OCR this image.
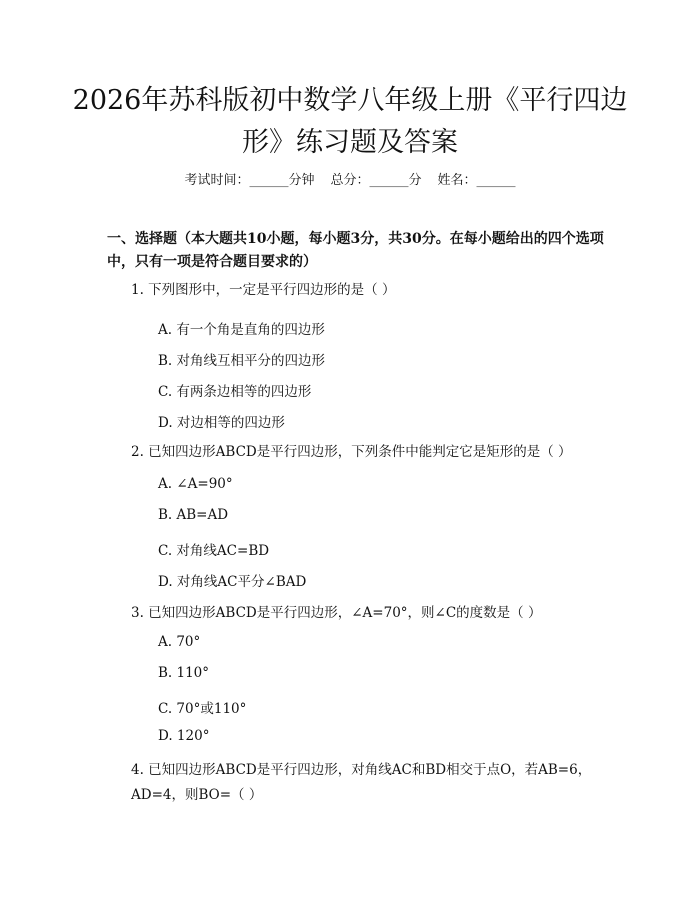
2026年苏科版初中数学八年级上册《平行四边形》练习题及答案
考试时间：______分钟 总分：______分 姓名：______
一、选择题（本大题共10小题，每小题3分，共30分。在每小题给出的四个选项中，只有一项是符合题目要求的）
1. 下列图形中，一定是平行四边形的是（ ）
A. 有一个角是直角的四边形
B. 对角线互相平分的四边形
C. 有两条边相等的四边形
D. 对边相等的四边形
2. 已知四边形ABCD是平行四边形，下列条件中能判定它是矩形的是（ ）
A. ∠A=90°
B. AB=AD
C. 对角线AC=BD
D. 对角线AC平分∠BAD
3. 已知四边形ABCD是平行四边形，∠A=70°，则∠C的度数是（ ）
A. 70°
B. 110°
C. 70°或110°
D. 120°
4. 已知四边形ABCD是平行四边形，对角线AC和BD相交于点O，若AB=6，AD=4，则BO=（ ）
